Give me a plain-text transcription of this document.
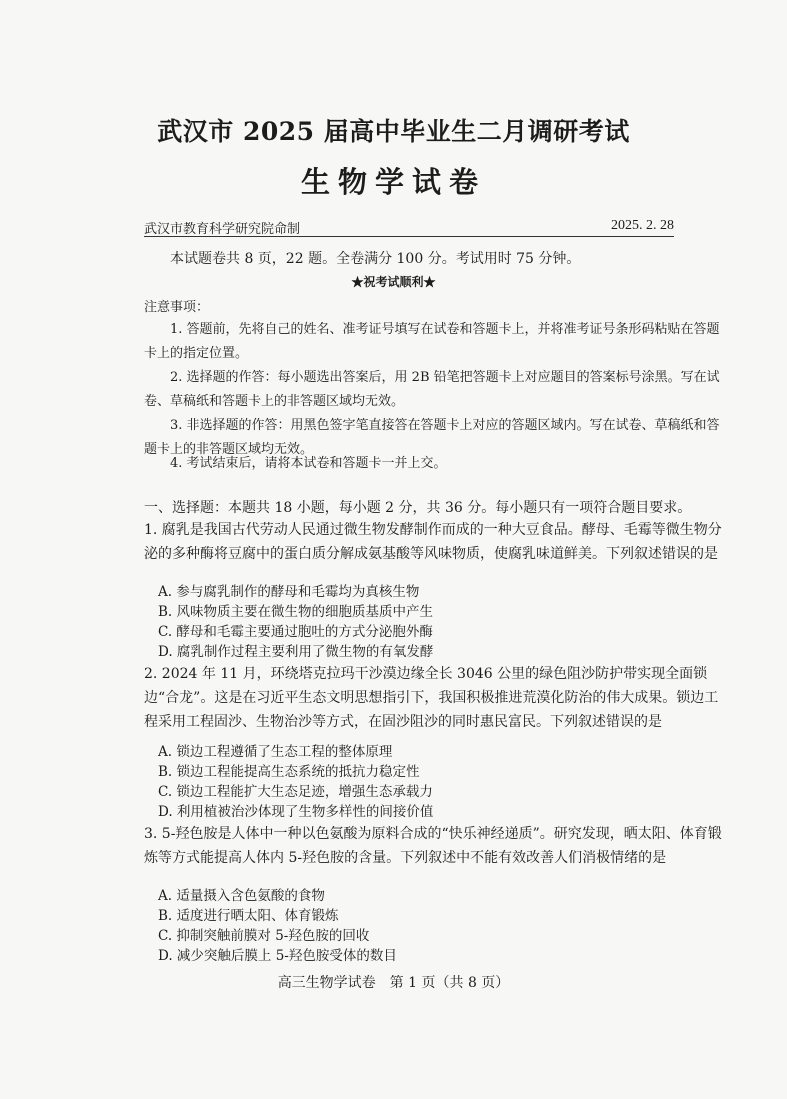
武汉市 2025 届高中毕业生二月调研考试
生物学试卷
武汉市教育科学研究院命制	2025. 2. 28
本试题卷共 8 页，22 题。全卷满分 100 分。考试用时 75 分钟。
★祝考试顺利★
注意事项：

1. 答题前，先将自己的姓名、准考证号填写在试卷和答题卡上，并将准考证号条形码粘贴在答题卡上的指定位置。

2. 选择题的作答：每小题选出答案后，用 2B 铅笔把答题卡上对应题目的答案标号涂黑。写在试卷、草稿纸和答题卡上的非答题区域均无效。

3. 非选择题的作答：用黑色签字笔直接答在答题卡上对应的答题区域内。写在试卷、草稿纸和答题卡上的非答题区域均无效。

4. 考试结束后，请将本试卷和答题卡一并上交。

一、选择题：本题共 18 小题，每小题 2 分，共 36 分。每小题只有一项符合题目要求。

1. 腐乳是我国古代劳动人民通过微生物发酵制作而成的一种大豆食品。酵母、毛霉等微生物分泌的多种酶将豆腐中的蛋白质分解成氨基酸等风味物质，使腐乳味道鲜美。下列叙述错误的是

A. 参与腐乳制作的酵母和毛霉均为真核生物
B. 风味物质主要在微生物的细胞质基质中产生
C. 酵母和毛霉主要通过胞吐的方式分泌胞外酶
D. 腐乳制作过程主要利用了微生物的有氧发酵

2. 2024 年 11 月，环绕塔克拉玛干沙漠边缘全长 3046 公里的绿色阻沙防护带实现全面锁边“合龙”。这是在习近平生态文明思想指引下，我国积极推进荒漠化防治的伟大成果。锁边工程采用工程固沙、生物治沙等方式，在固沙阻沙的同时惠民富民。下列叙述错误的是

A. 锁边工程遵循了生态工程的整体原理
B. 锁边工程能提高生态系统的抵抗力稳定性
C. 锁边工程能扩大生态足迹，增强生态承载力
D. 利用植被治沙体现了生物多样性的间接价值

3. 5-羟色胺是人体中一种以色氨酸为原料合成的“快乐神经递质”。研究发现，晒太阳、体育锻炼等方式能提高人体内 5-羟色胺的含量。下列叙述中不能有效改善人们消极情绪的是

A. 适量摄入含色氨酸的食物
B. 适度进行晒太阳、体育锻炼
C. 抑制突触前膜对 5-羟色胺的回收
D. 减少突触后膜上 5-羟色胺受体的数目
高三生物学试卷　第 1 页（共 8 页）
